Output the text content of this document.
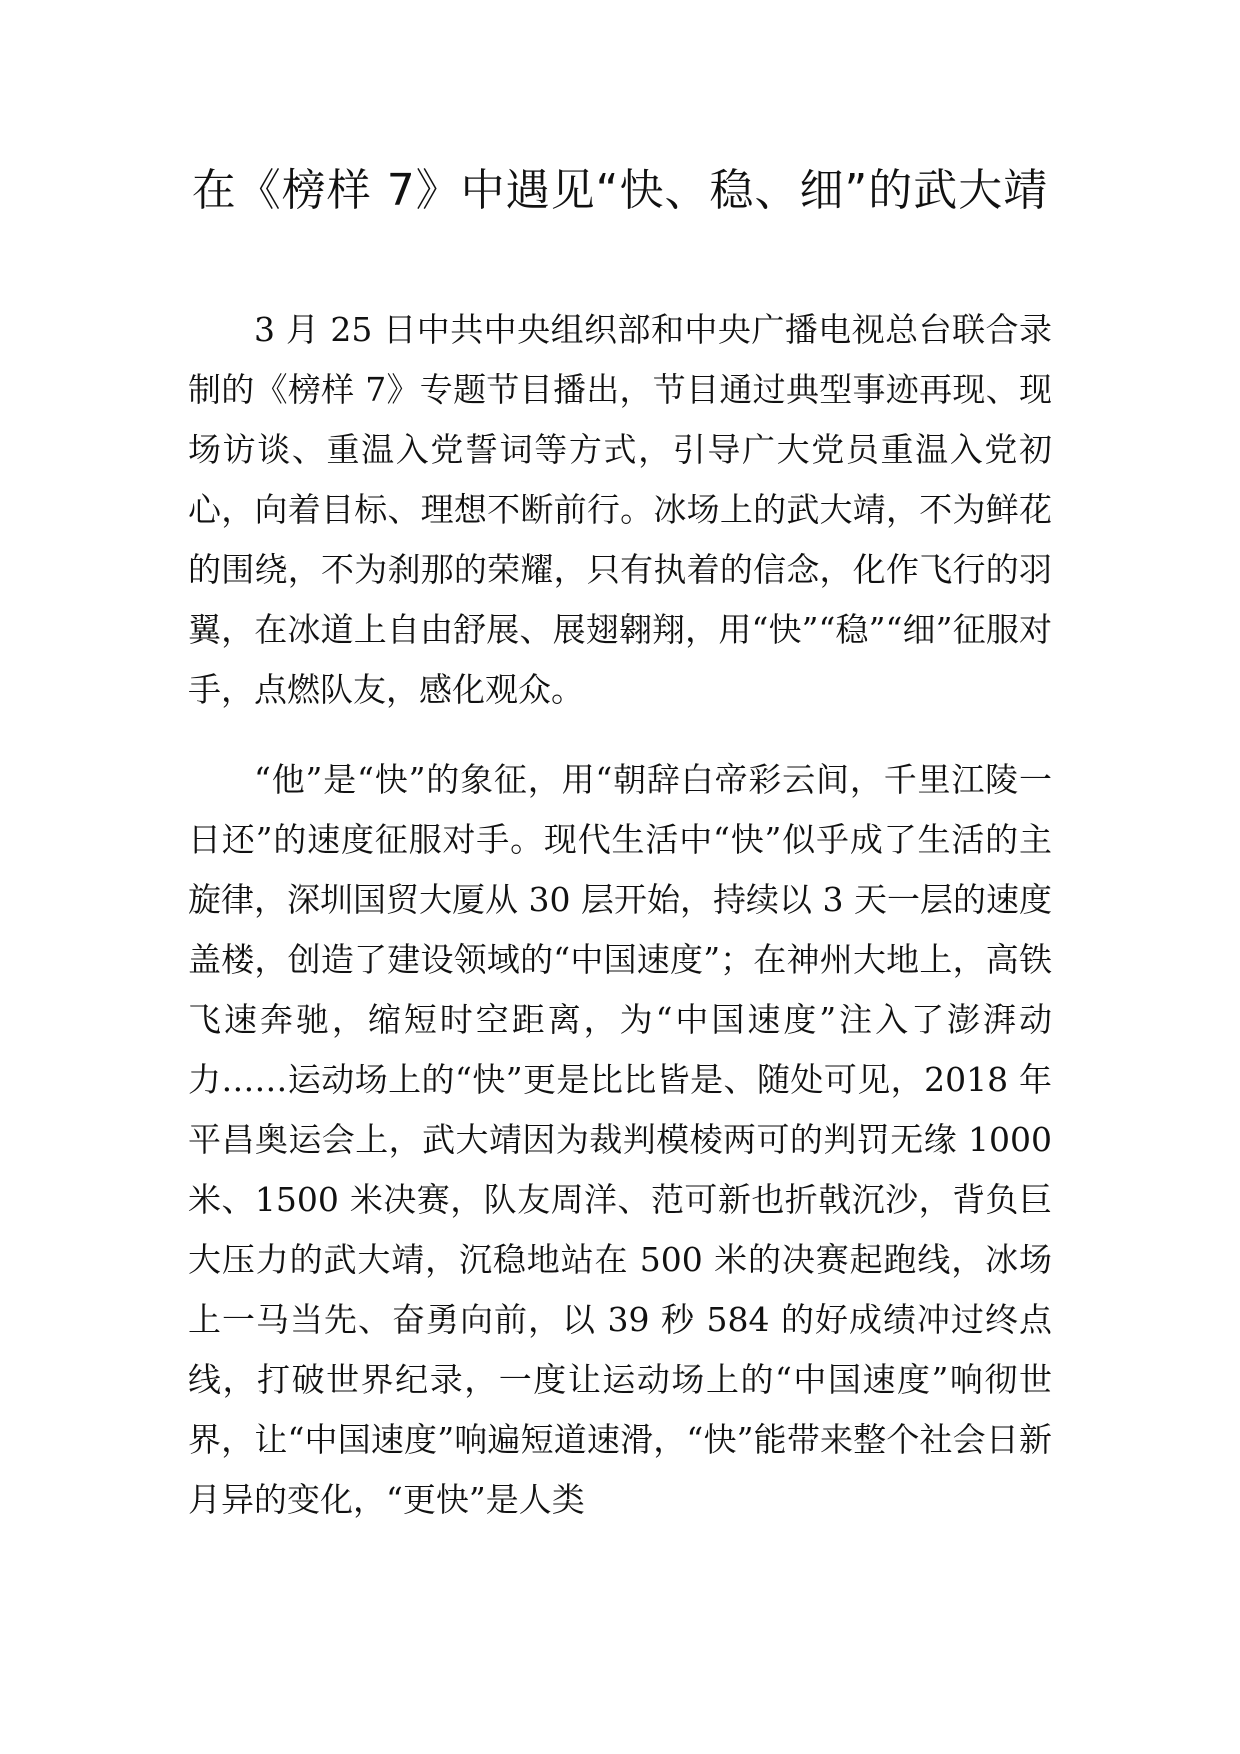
在《榜样 7》中遇见“快、稳、细”的武大靖

3 月 25 日中共中央组织部和中央广播电视总台联合录制的《榜样 7》专题节目播出，节目通过典型事迹再现、现场访谈、重温入党誓词等方式，引导广大党员重温入党初心，向着目标、理想不断前行。冰场上的武大靖，不为鲜花的围绕，不为刹那的荣耀，只有执着的信念，化作飞行的羽翼，在冰道上自由舒展、展翅翱翔，用“快”“稳”“细”征服对手，点燃队友，感化观众。

“他”是“快”的象征，用“朝辞白帝彩云间，千里江陵一日还”的速度征服对手。现代生活中“快”似乎成了生活的主旋律，深圳国贸大厦从 30 层开始，持续以 3 天一层的速度盖楼，创造了建设领域的“中国速度”；在神州大地上，高铁飞速奔驰，缩短时空距离，为“中国速度”注入了澎湃动力……运动场上的“快”更是比比皆是、随处可见，2018 年平昌奥运会上，武大靖因为裁判模棱两可的判罚无缘 1000 米、1500 米决赛，队友周洋、范可新也折戟沉沙，背负巨大压力的武大靖，沉稳地站在 500 米的决赛起跑线，冰场上一马当先、奋勇向前，以 39 秒 584 的好成绩冲过终点线，打破世界纪录，一度让运动场上的“中国速度”响彻世界，让“中国速度”响遍短道速滑，“快”能带来整个社会日新月异的变化，“更快”是人类
